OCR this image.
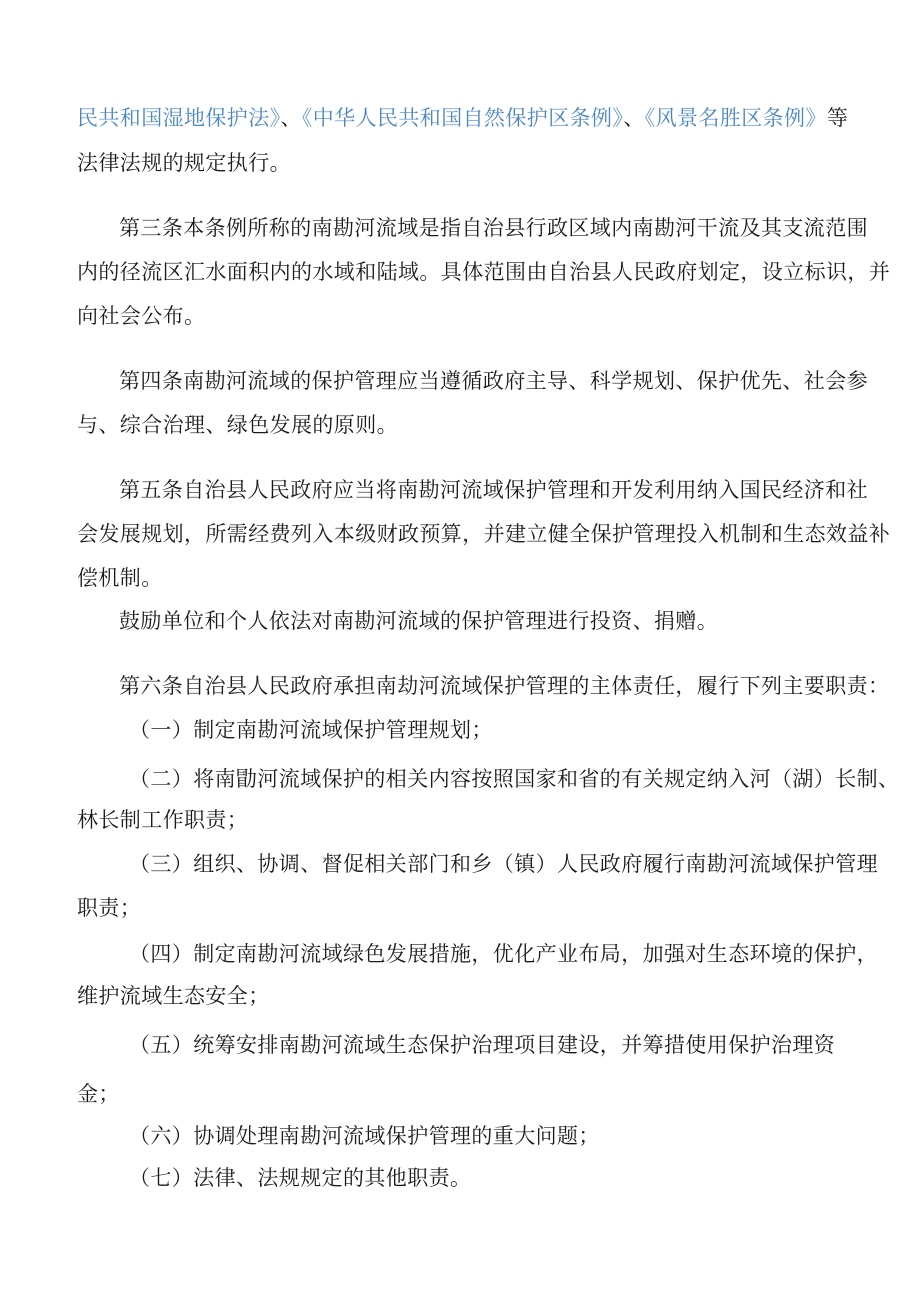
民共和国湿地保护法》、《中华人民共和国自然保护区条例》、《风景名胜区条例》等
法律法规的规定执行。
第三条本条例所称的南勘河流域是指自治县行政区域内南勘河干流及其支流范围
内的径流区汇水面积内的水域和陆域。具体范围由自治县人民政府划定，设立标识，并
向社会公布。
第四条南勘河流域的保护管理应当遵循政府主导、科学规划、保护优先、社会参
与、综合治理、绿色发展的原则。
第五条自治县人民政府应当将南勘河流域保护管理和开发利用纳入国民经济和社
会发展规划，所需经费列入本级财政预算，并建立健全保护管理投入机制和生态效益补
偿机制。
鼓励单位和个人依法对南勘河流域的保护管理进行投资、捐赠。
第六条自治县人民政府承担南劫河流域保护管理的主体责任，履行下列主要职责：
（一）制定南勘河流域保护管理规划；
（二）将南勖河流域保护的相关内容按照国家和省的有关规定纳入河（湖）长制、
林长制工作职责；
（三）组织、协调、督促相关部门和乡（镇）人民政府履行南勘河流域保护管理
职责；
（四）制定南勘河流域绿色发展措施，优化产业布局，加强对生态环境的保护，
维护流域生态安全；
（五）统筹安排南勘河流域生态保护治理项目建设，并筹措使用保护治理资
金；
（六）协调处理南勘河流域保护管理的重大问题；
（七）法律、法规规定的其他职责。
